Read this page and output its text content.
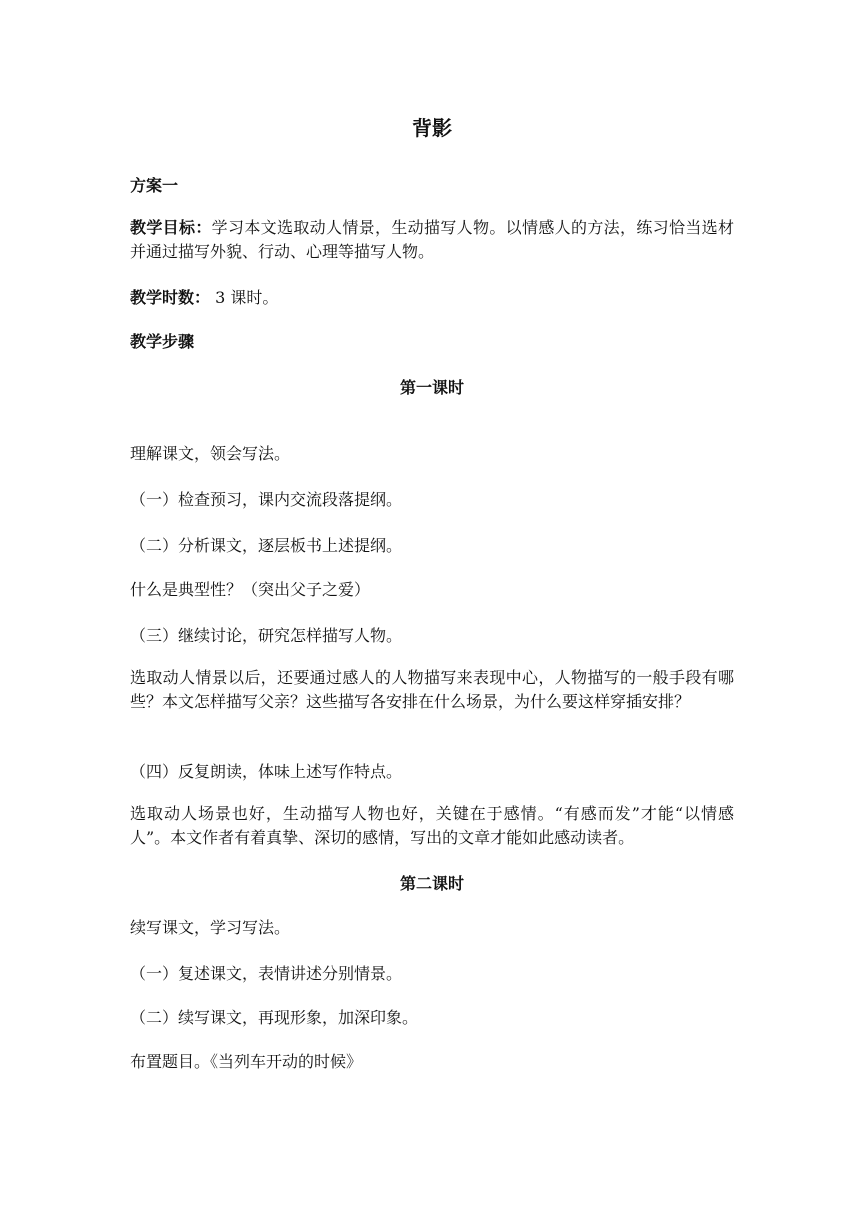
背影
方案一
教学目标：学习本文选取动人情景，生动描写人物。以情感人的方法，练习恰当选材并通过描写外貌、行动、心理等描写人物。
教学时数： 3 课时。
教学步骤
第一课时
理解课文，领会写法。
（一）检查预习，课内交流段落提纲。
（二）分析课文，逐层板书上述提纲。
什么是典型性？（突出父子之爱）
（三）继续讨论，研究怎样描写人物。
选取动人情景以后，还要通过感人的人物描写来表现中心，人物描写的一般手段有哪些？本文怎样描写父亲？这些描写各安排在什么场景，为什么要这样穿插安排？
（四）反复朗读，体味上述写作特点。
选取动人场景也好，生动描写人物也好，关键在于感情。“有感而发”才能“以情感人”。本文作者有着真挚、深切的感情，写出的文章才能如此感动读者。
第二课时
续写课文，学习写法。
（一）复述课文，表情讲述分别情景。
（二）续写课文，再现形象，加深印象。
布置题目。《当列车开动的时候》
